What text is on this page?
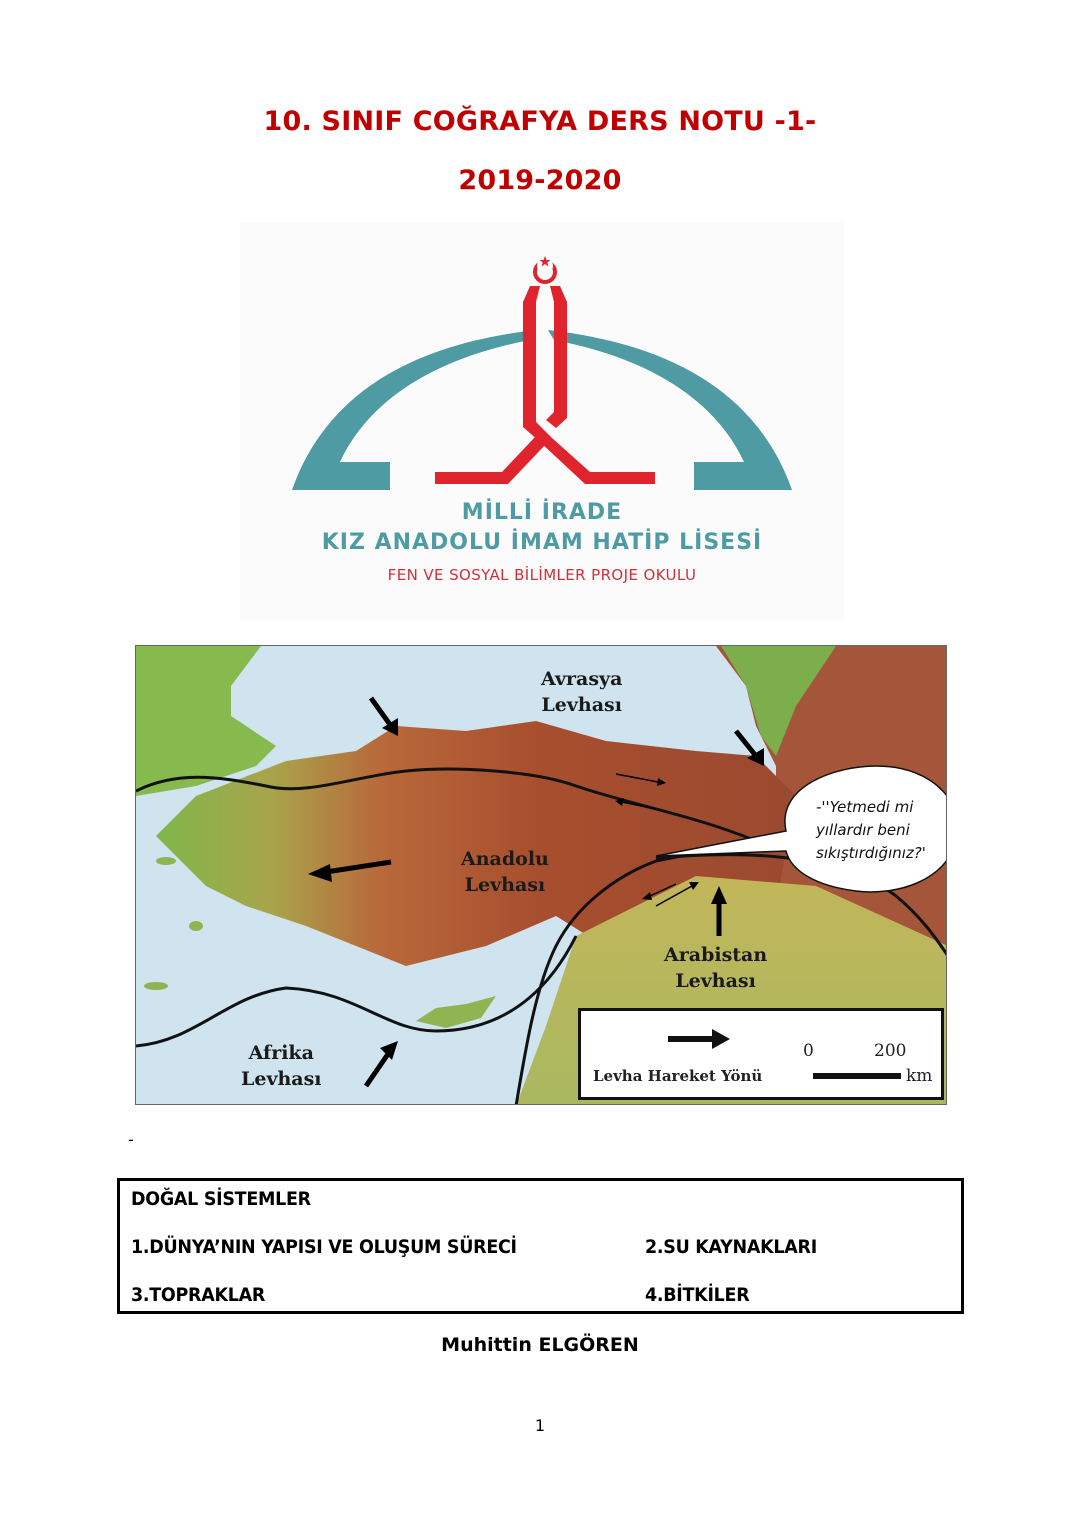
10. SINIF COĞRAFYA DERS NOTU -1-
2019-2020
MİLLİ İRADE
KIZ ANADOLU İMAM HATİP LİSESİ
FEN VE SOSYAL BİLİMLER PROJE OKULU
Avrasya
Levhası
Anadolu
Levhası
Arabistan
Levhası
Afrika
Levhası
-''Yetmedi mi
yıllardır beni
sıkıştırdığınız?'
Levha Hareket Yönü
0	200
km
-
DOĞAL SİSTEMLER
1.DÜNYA’NIN YAPISI VE OLUŞUM SÜRECİ	2.SU KAYNAKLARI
3.TOPRAKLAR	4.BİTKİLER
Muhittin ELGÖREN
1
